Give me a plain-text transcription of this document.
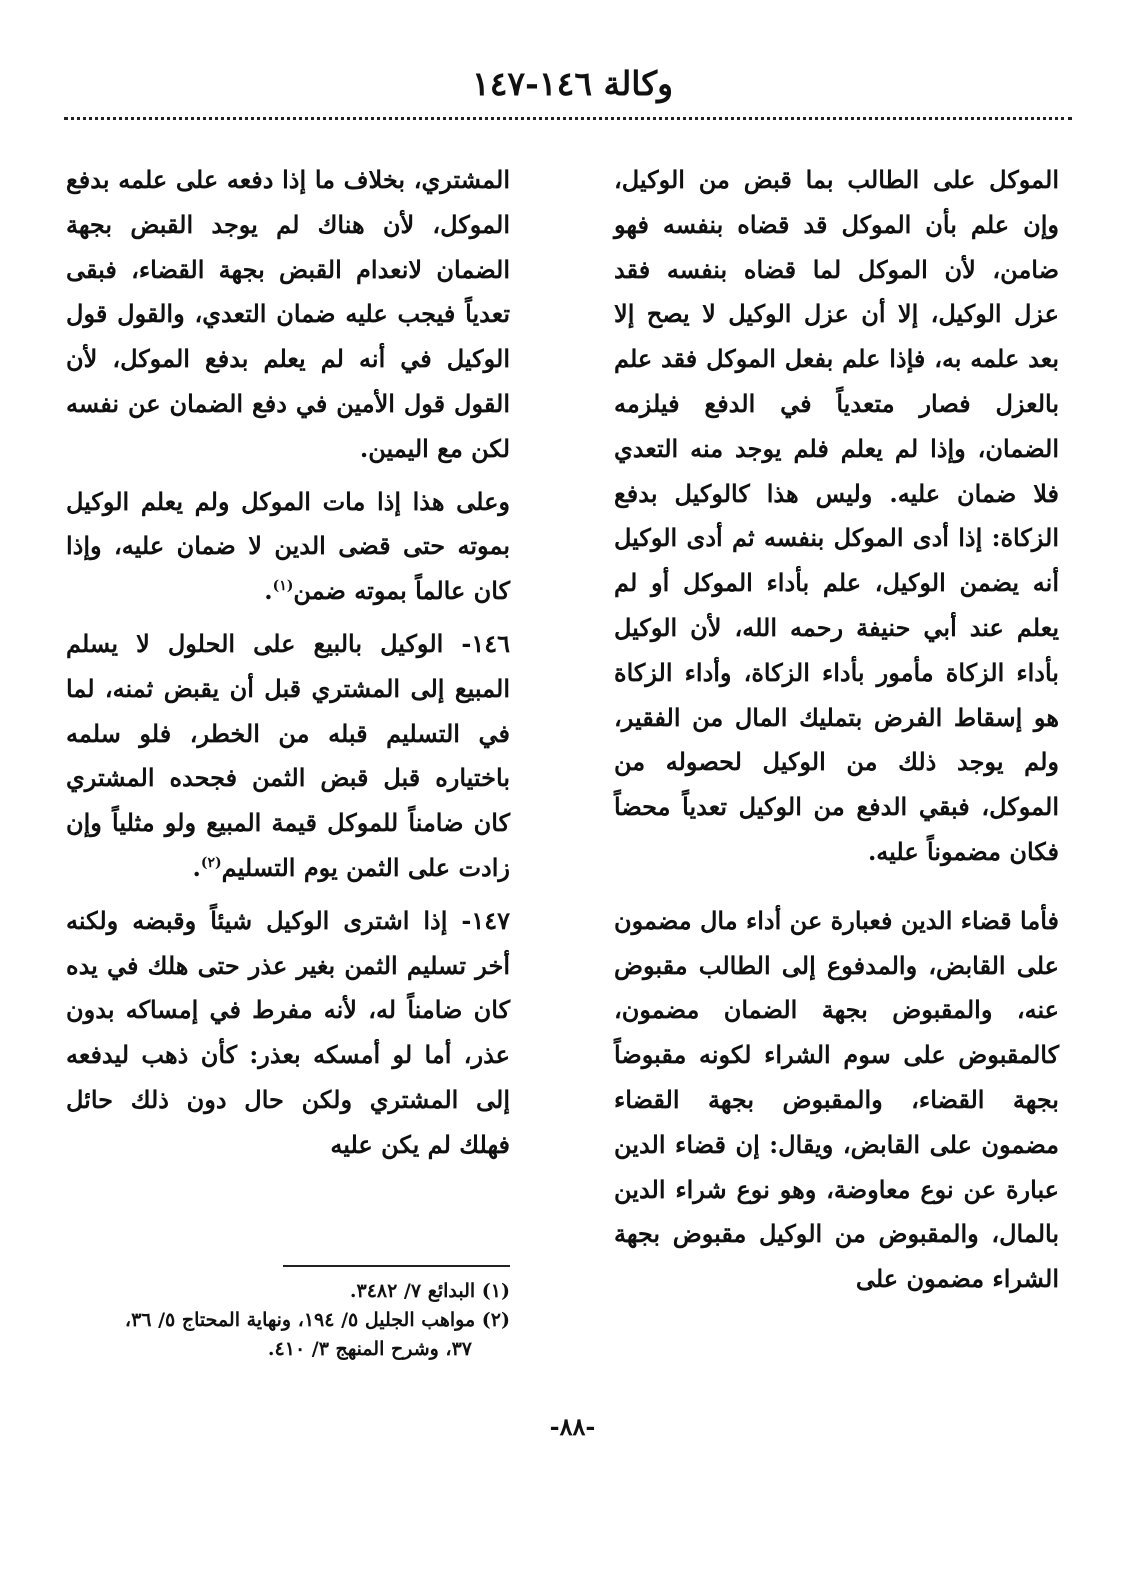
وكالة ١٤٦-١٤٧

الموكل على الطالب بما قبض من الوكيل، وإن علم بأن الموكل قد قضاه بنفسه فهو ضامن، لأن الموكل لما قضاه بنفسه فقد عزل الوكيل، إلا أن عزل الوكيل لا يصح إلا بعد علمه به، فإذا علم بفعل الموكل فقد علم بالعزل فصار متعدياً في الدفع فيلزمه الضمان، وإذا لم يعلم فلم يوجد منه التعدي فلا ضمان عليه. وليس هذا كالوكيل بدفع الزكاة: إذا أدى الموكل بنفسه ثم أدى الوكيل أنه يضمن الوكيل، علم بأداء الموكل أو لم يعلم عند أبي حنيفة رحمه الله، لأن الوكيل بأداء الزكاة مأمور بأداء الزكاة، وأداء الزكاة هو إسقاط الفرض بتمليك المال من الفقير، ولم يوجد ذلك من الوكيل لحصوله من الموكل، فبقي الدفع من الوكيل تعدياً محضاً فكان مضموناً عليه.

فأما قضاء الدين فعبارة عن أداء مال مضمون على القابض، والمدفوع إلى الطالب مقبوض عنه، والمقبوض بجهة الضمان مضمون، كالمقبوض على سوم الشراء لكونه مقبوضاً بجهة القضاء، والمقبوض بجهة القضاء مضمون على القابض، ويقال: إن قضاء الدين عبارة عن نوع معاوضة، وهو نوع شراء الدين بالمال، والمقبوض من الوكيل مقبوض بجهة الشراء مضمون على

المشتري، بخلاف ما إذا دفعه على علمه بدفع الموكل، لأن هناك لم يوجد القبض بجهة الضمان لانعدام القبض بجهة القضاء، فبقى تعدياً فيجب عليه ضمان التعدي، والقول قول الوكيل في أنه لم يعلم بدفع الموكل، لأن القول قول الأمين في دفع الضمان عن نفسه لكن مع اليمين.

وعلى هذا إذا مات الموكل ولم يعلم الوكيل بموته حتى قضى الدين لا ضمان عليه، وإذا كان عالماً بموته ضمن$^{(١)}$.

١٤٦- الوكيل بالبيع على الحلول لا يسلم المبيع إلى المشتري قبل أن يقبض ثمنه، لما في التسليم قبله من الخطر، فلو سلمه باختياره قبل قبض الثمن فجحده المشتري كان ضامناً للموكل قيمة المبيع ولو مثلياً وإن زادت على الثمن يوم التسليم$^{(٢)}$.

١٤٧- إذا اشترى الوكيل شيئاً وقبضه ولكنه أخر تسليم الثمن بغير عذر حتى هلك في يده كان ضامناً له، لأنه مفرط في إمساكه بدون عذر، أما لو أمسكه بعذر: كأن ذهب ليدفعه إلى المشتري ولكن حال دون ذلك حائل فهلك لم يكن عليه

(١) البدائع ٧/ ٣٤٨٢.

(٢) مواهب الجليل ٥/ ١٩٤، ونهاية المحتاج ٥/ ٣٦،

٣٧، وشرح المنهج ٣/ ٤١٠.

-٨٨-
